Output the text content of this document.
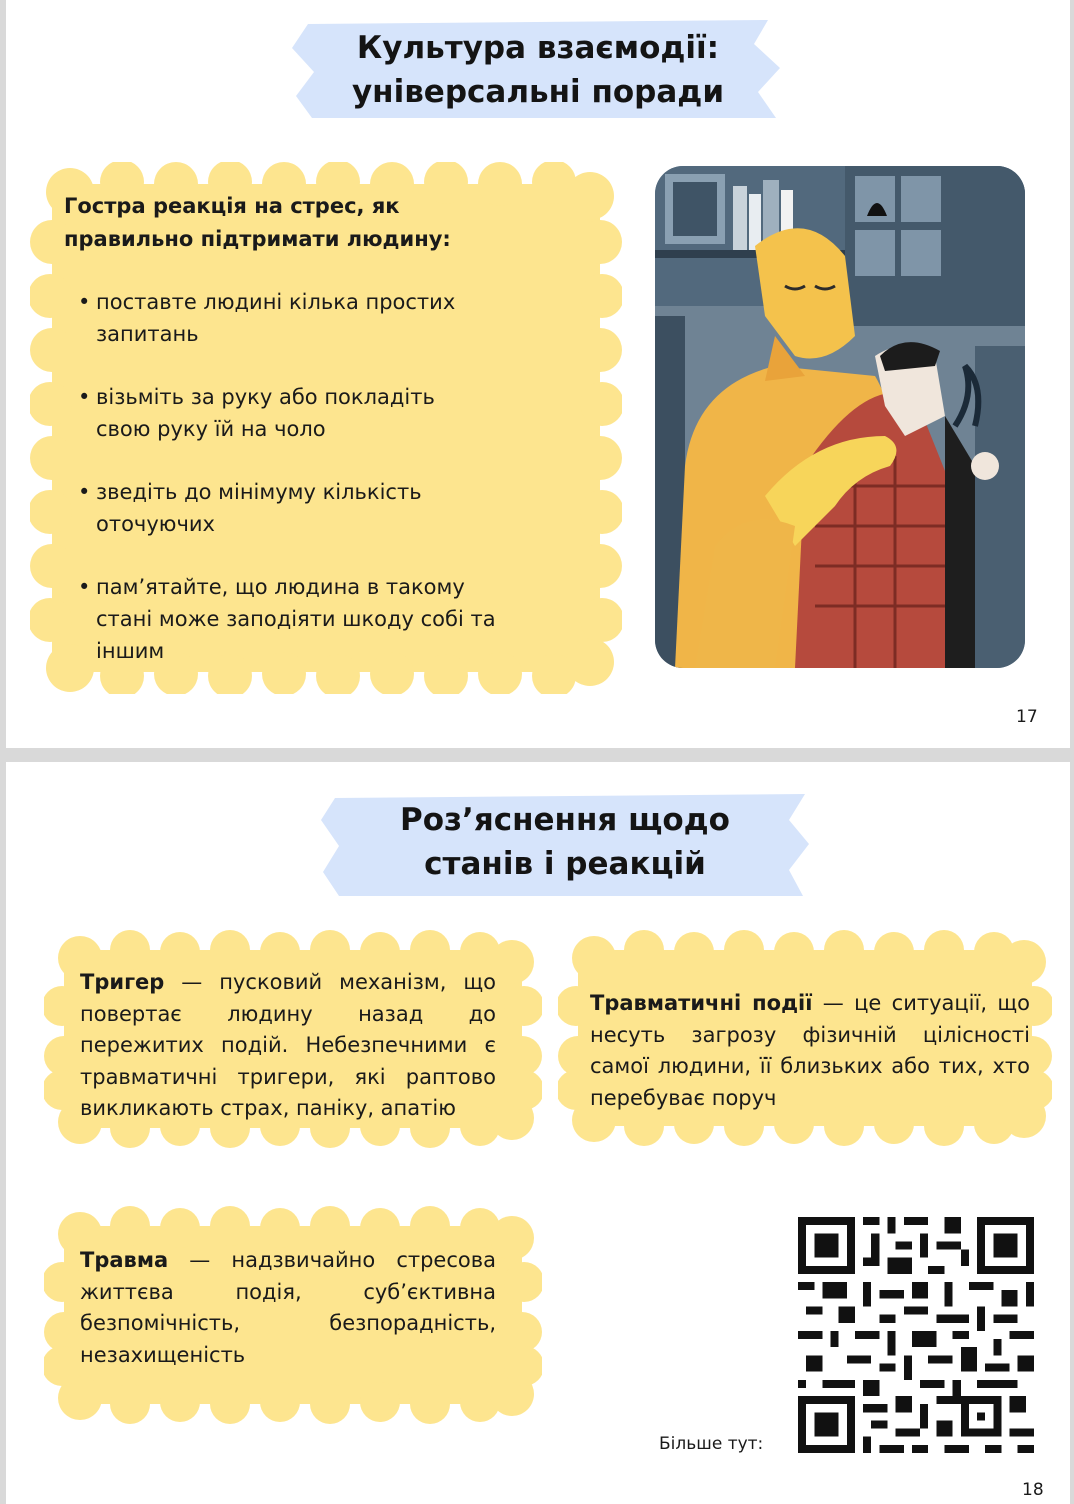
Культура взаємодії:
універсальні поради
Гостра реакція на стрес, як
правильно підтримати людину:
• поставте людині кілька простих
запитань
• візьміть за руку або покладіть
свою руку їй на чоло
• зведіть до мінімуму кількість
оточуючих
• пам’ятайте, що людина в такому
стані може заподіяти шкоду собі та
іншим
17
Роз’яснення щодо
станів і реакцій
Тригер — пусковий механізм, що повертає людину назад до пережитих подій. Небезпечними є травматичні тригери, які раптово викликають страх, паніку, апатію
Травматичні події — це ситуації, що несуть загрозу фізичній цілісності самої людини, її близьких або тих, хто перебуває поруч
Травма — надзвичайно стресова життєва подія, суб’єктивна безпомічність, безпорадність, незахищеність
Більше тут:
18
